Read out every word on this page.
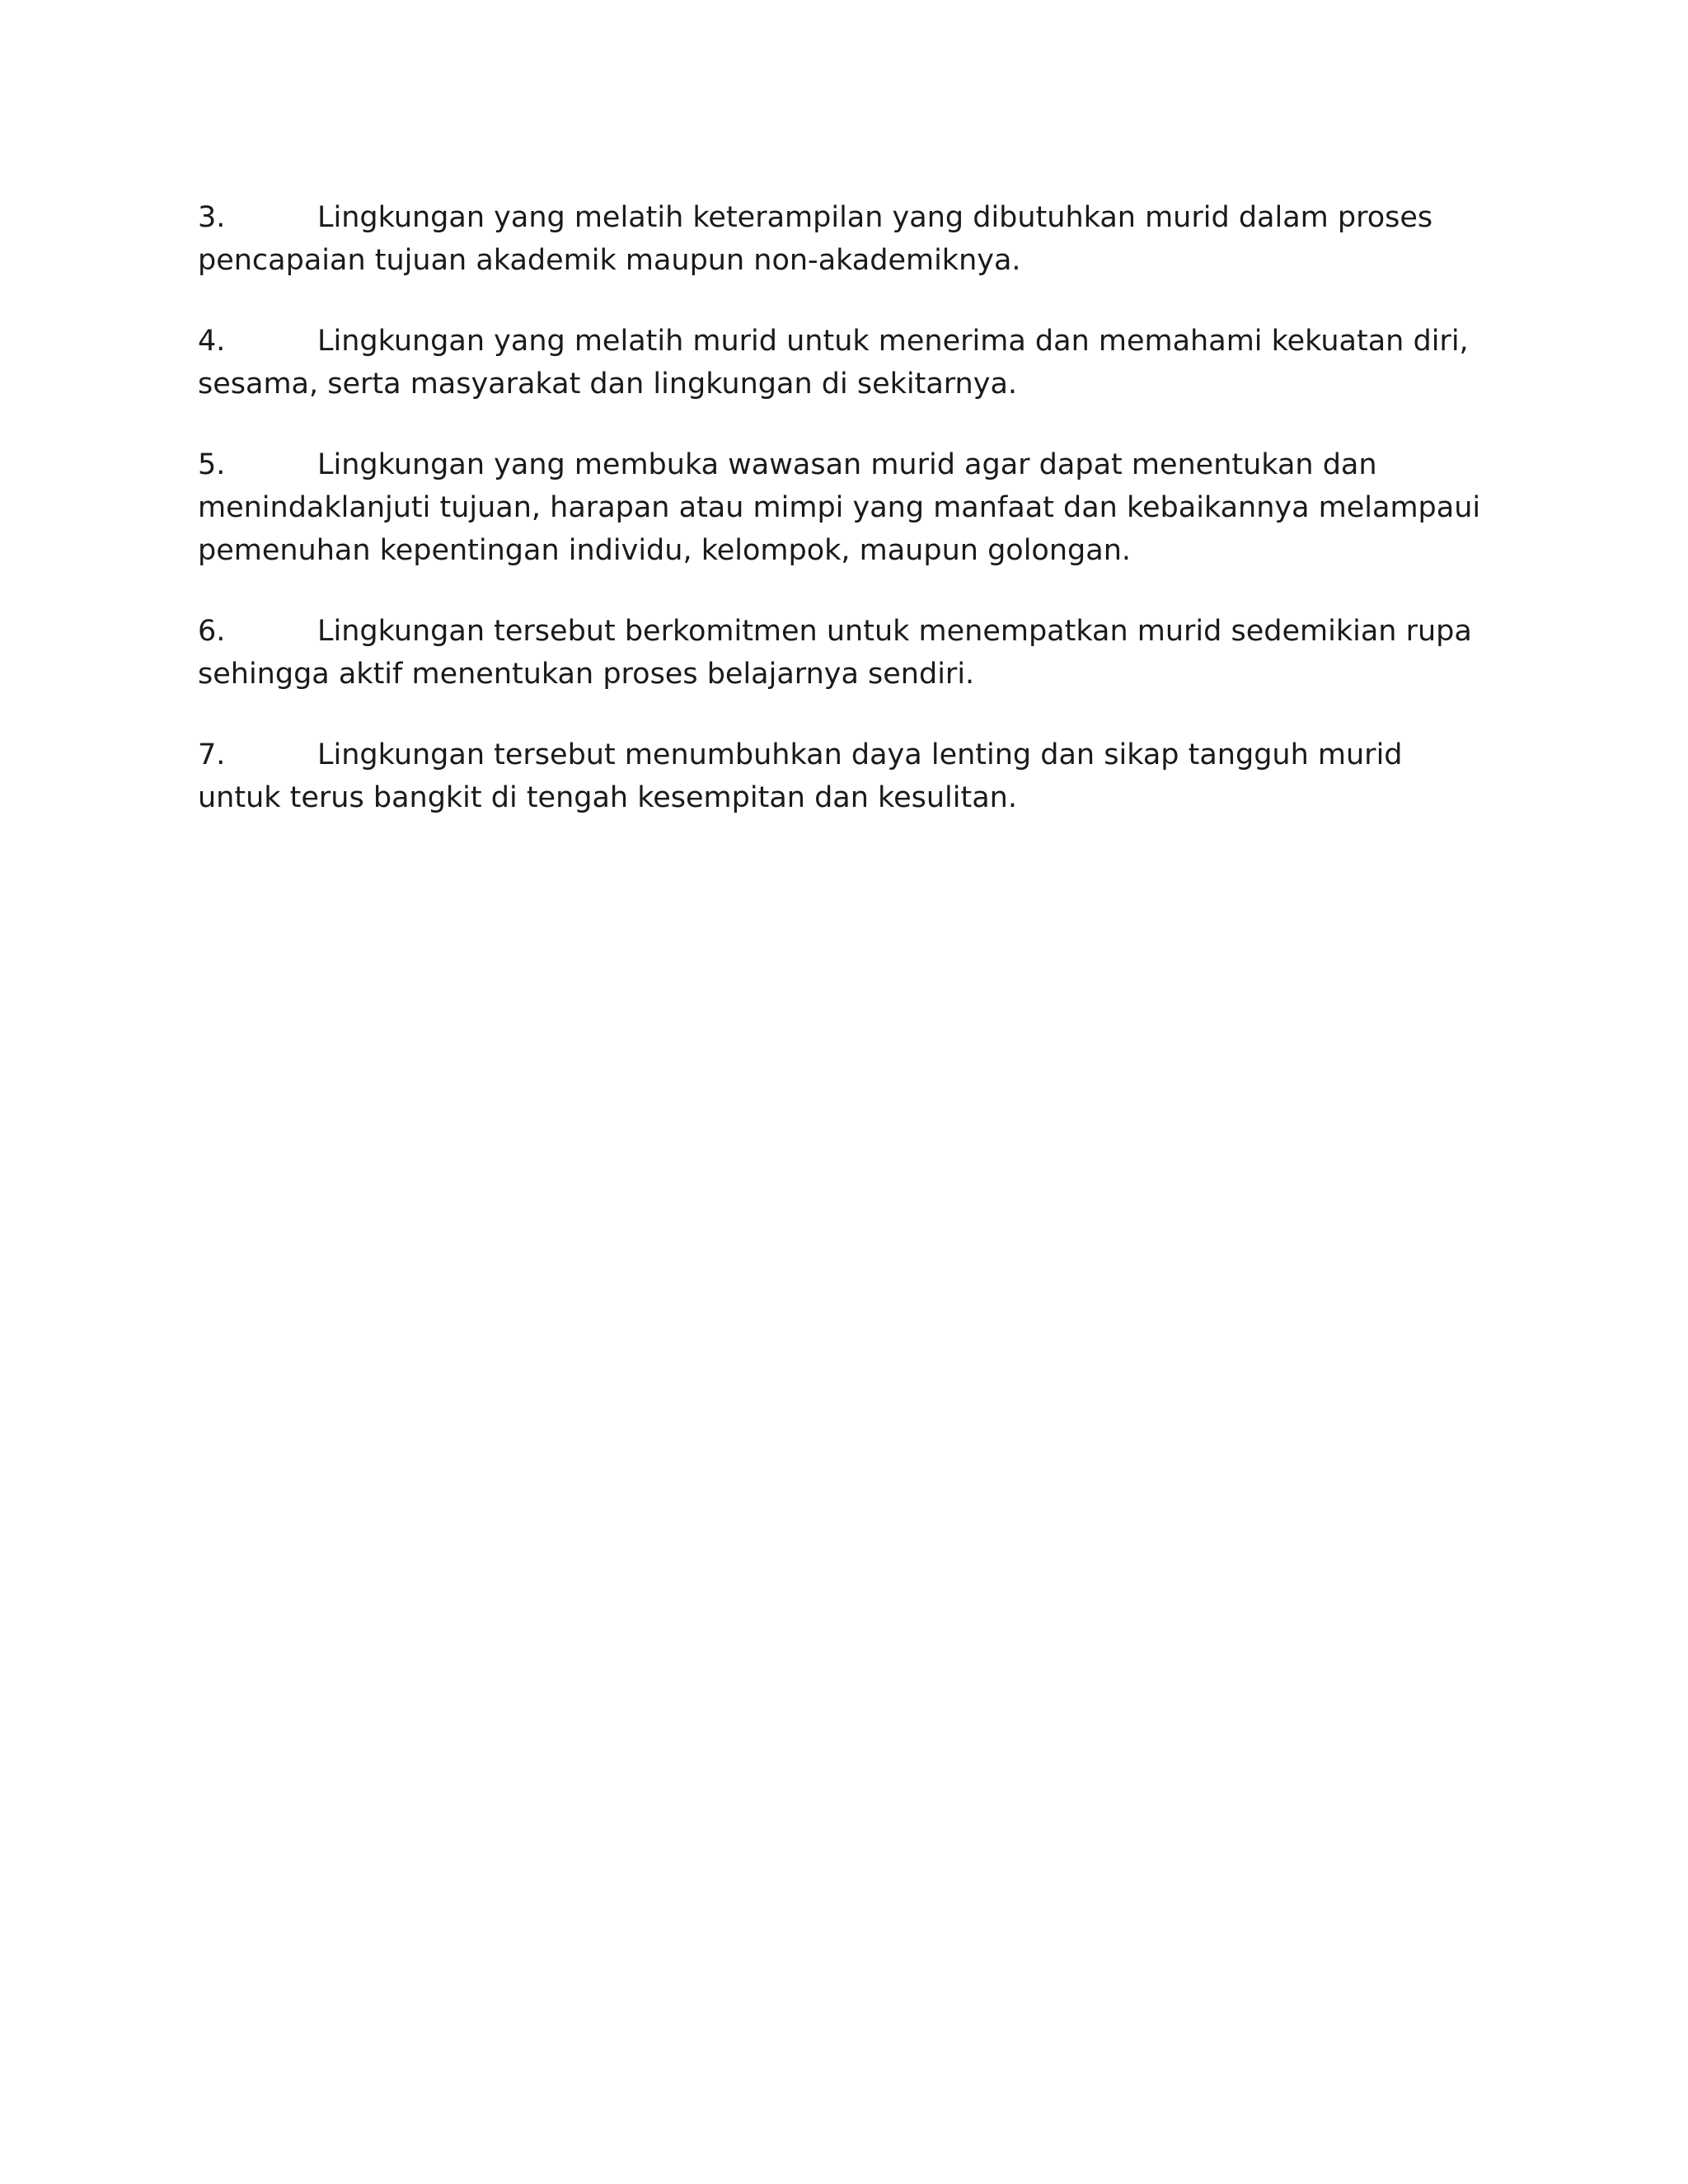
3.	Lingkungan yang melatih keterampilan yang dibutuhkan murid dalam proses pencapaian tujuan akademik maupun non-akademiknya.

4.	Lingkungan yang melatih murid untuk menerima dan memahami kekuatan diri, sesama, serta masyarakat dan lingkungan di sekitarnya.

5.	Lingkungan yang membuka wawasan murid agar dapat menentukan dan menindaklanjuti tujuan, harapan atau mimpi yang manfaat dan kebaikannya melampaui pemenuhan kepentingan individu, kelompok, maupun golongan.

6.	Lingkungan tersebut berkomitmen untuk menempatkan murid sedemikian rupa sehingga aktif menentukan proses belajarnya sendiri.

7.	Lingkungan tersebut menumbuhkan daya lenting dan sikap tangguh murid untuk terus bangkit di tengah kesempitan dan kesulitan.
